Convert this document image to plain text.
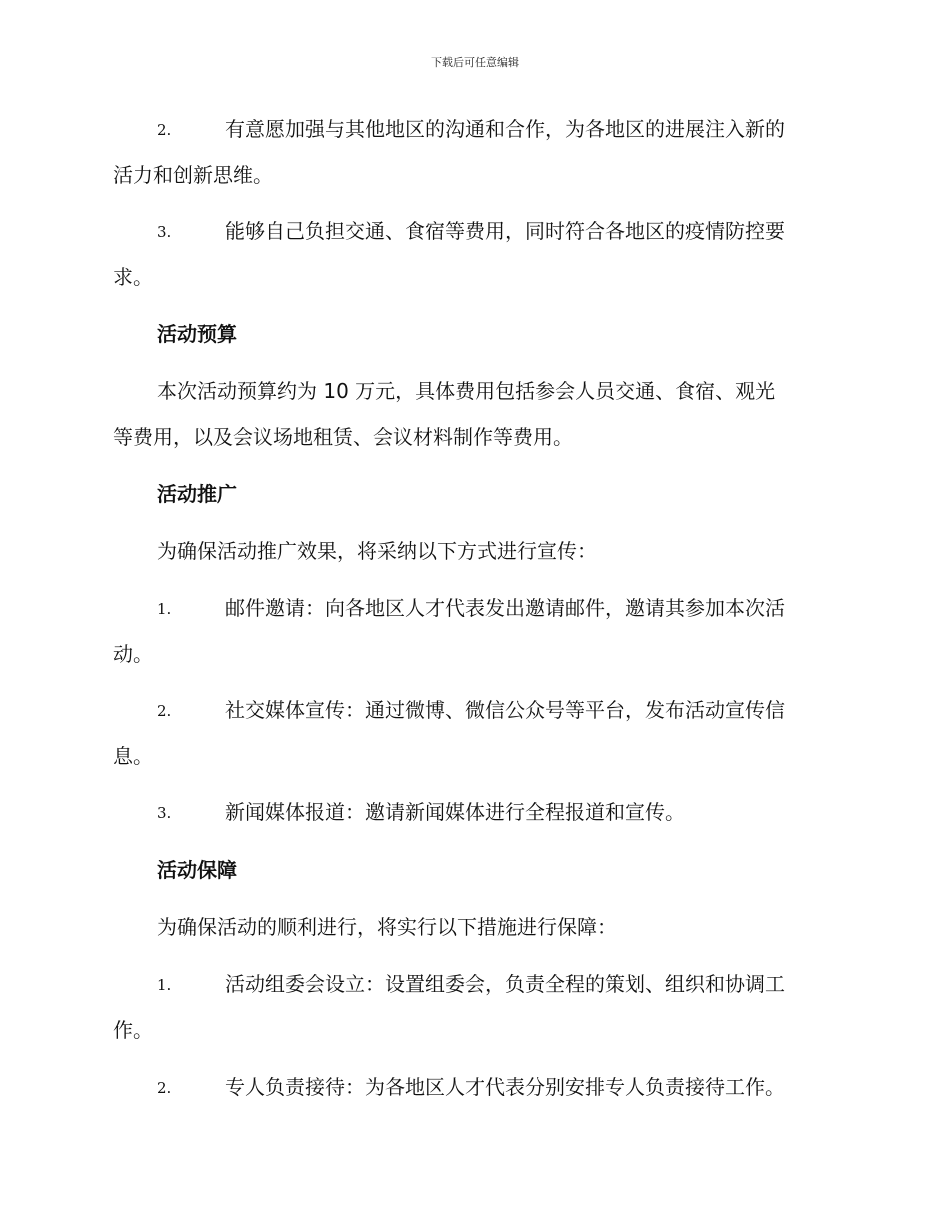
下载后可任意编辑
2.	有意愿加强与其他地区的沟通和合作，为各地区的进展注入新的
活力和创新思维。
3.	能够自己负担交通、食宿等费用，同时符合各地区的疫情防控要
求。
活动预算
本次活动预算约为 10 万元，具体费用包括参会人员交通、食宿、观光
等费用，以及会议场地租赁、会议材料制作等费用。
活动推广
为确保活动推广效果，将采纳以下方式进行宣传：
1.	邮件邀请：向各地区人才代表发出邀请邮件，邀请其参加本次活
动。
2.	社交媒体宣传：通过微博、微信公众号等平台，发布活动宣传信
息。
3.	新闻媒体报道：邀请新闻媒体进行全程报道和宣传。
活动保障
为确保活动的顺利进行，将实行以下措施进行保障：
1.	活动组委会设立：设置组委会，负责全程的策划、组织和协调工
作。
2.	专人负责接待：为各地区人才代表分别安排专人负责接待工作。
